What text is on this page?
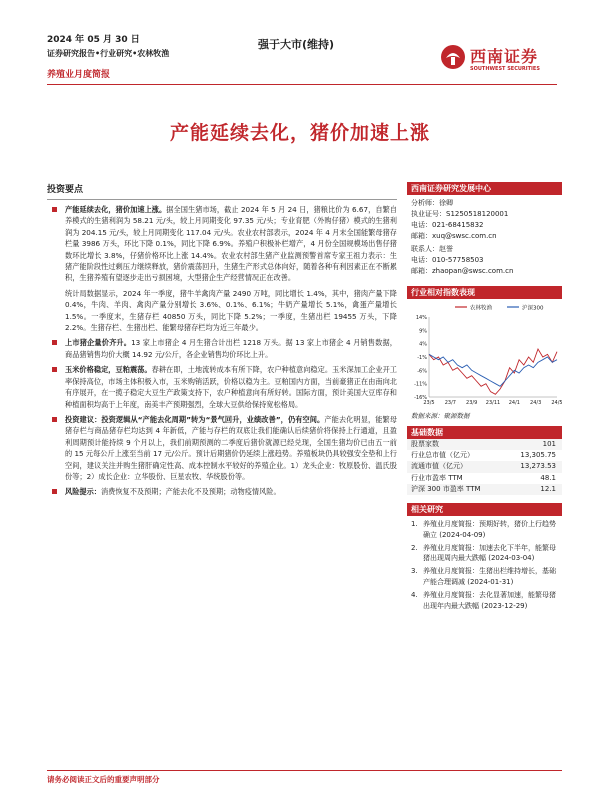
2024 年 05 月 30 日
证券研究报告•行业研究•农林牧渔
养殖业月度简报
强于大市(维持)
西南证券
SOUTHWEST SECURITIES
产能延续去化，猪价加速上涨
投资要点
产能延续去化，猪价加速上涨。据全国生猪市场，截止 2024 年 5 月 24 日，猪粮比价为 6.67，自繁自养模式的生猪利润为 58.21 元/头，较上月同期变化 97.35 元/头；专业育肥（外购仔猪）模式的生猪利润为 204.15 元/头，较上月同期变化 117.04 元/头。农业农村部表示，2024 年 4 月末全国能繁母猪存栏量 3986 万头，环比下降 0.1%，同比下降 6.9%。养殖户积极补栏增产，4 月份全国规模场出售仔猪数环比增长 3.8%，仔猪价格环比上涨 14.4%。农业农村部生猪产业监测预警首席专家王祖力表示：生猪产能阶段性过剩压力继续释放，猪价震荡回升，生猪生产形式总体向好，随着各种有利因素正在不断累积，生猪养殖有望逐步走出亏损困境，大型猪企生产经营情况正在改善。
统计局数据显示，2024 年一季度，猪牛羊禽肉产量 2490 万吨，同比增长 1.4%，其中，猪肉产量下降 0.4%，牛肉、羊肉、禽肉产量分别增长 3.6%、0.1%、6.1%；牛奶产量增长 5.1%，禽蛋产量增长 1.5%。一季度末，生猪存栏 40850 万头，同比下降 5.2%；一季度，生猪出栏 19455 万头，下降 2.2%。生猪存栏、生猪出栏、能繁母猪存栏均为近三年最少。
上市猪企量价齐升。13 家上市猪企 4 月生猪合计出栏 1218 万头。据 13 家上市猪企 4 月销售数据，商品猪销售均价大概 14.92 元/公斤，各企业销售均价环比上升。
玉米价格稳定，豆粕震荡。春耕在即，土地流转成本有所下降，农户种植意向稳定。玉米深加工企业开工率保持高位，市场主体积极入市，玉米购销活跃，价格以稳为主。豆粕国内方面，当前豪猪正在由南向北有序展开，在一揽子稳定大豆生产政策支持下，农户种植意向有所好转。国际方面，预计美国大豆库存和种植面积均高于上年度，南美丰产预期强烈，全球大豆供给保持宽松格局。
投资建议：投资逻辑从“产能去化周期”转为“景气回升，业绩改善”，仍有空间。产能去化明显，能繁母猪存栏与商品猪存栏均达到 4 年新低，产能与存栏的双底让我们能确认后续猪价将保持上行通道，且盈利周期预计能持续 9 个月以上，我们前期预测的二季度后猪价就源已经兑现，全国生猪均价已由五一前的 15 元每公斤上涨至当前 17 元/公斤。预计后期猪价仍延续上涨趋势。养殖板块仍具较强安全垫和上行空间，建议关注并购生猪肝确定性高、成本控制水平较好的养殖企业。1）龙头企业：牧原股份、温氏股份等；2）成长企业：立华股份、巨星农牧、华统股份等。
风险提示：消费恢复不及预期；产能去化不及预期；动物疫情风险。
西南证券研究发展中心
分析师：徐卿
执业证号：S1250518120001
电话：021-68415832
邮箱：xuq@swsc.com.cn
联系人：赵誉
电话：010-57758503
邮箱：zhaopan@swsc.com.cn
行业相对指数表现
农林牧渔	沪深300
14%
9%
4%
-1%
-6%
-11%
-16%
23/5 23/7 23/9 23/11 24/1 24/3 24/5
数据来源：聚源数据
基础数据
股票家数	101
行业总市值（亿元）	13,305.75
流通市值（亿元）	13,273.53
行业市盈率 TTM	48.1
沪深 300 市盈率 TTM	12.1
相关研究
1. 养殖业月度简报：预期好转，猪价上行趋势确立 (2024-04-09)
2. 养殖业月度简报：加速去化下半年，能繁母猪出现周内最大跌幅 (2024-03-04)
3. 养殖业月度简报：生猪出栏维持增长，基础产能合理调减 (2024-01-31)
4. 养殖业月度简报：去化显著加速，能繁母猪出现年内最大跌幅 (2023-12-29)
请务必阅读正文后的重要声明部分
